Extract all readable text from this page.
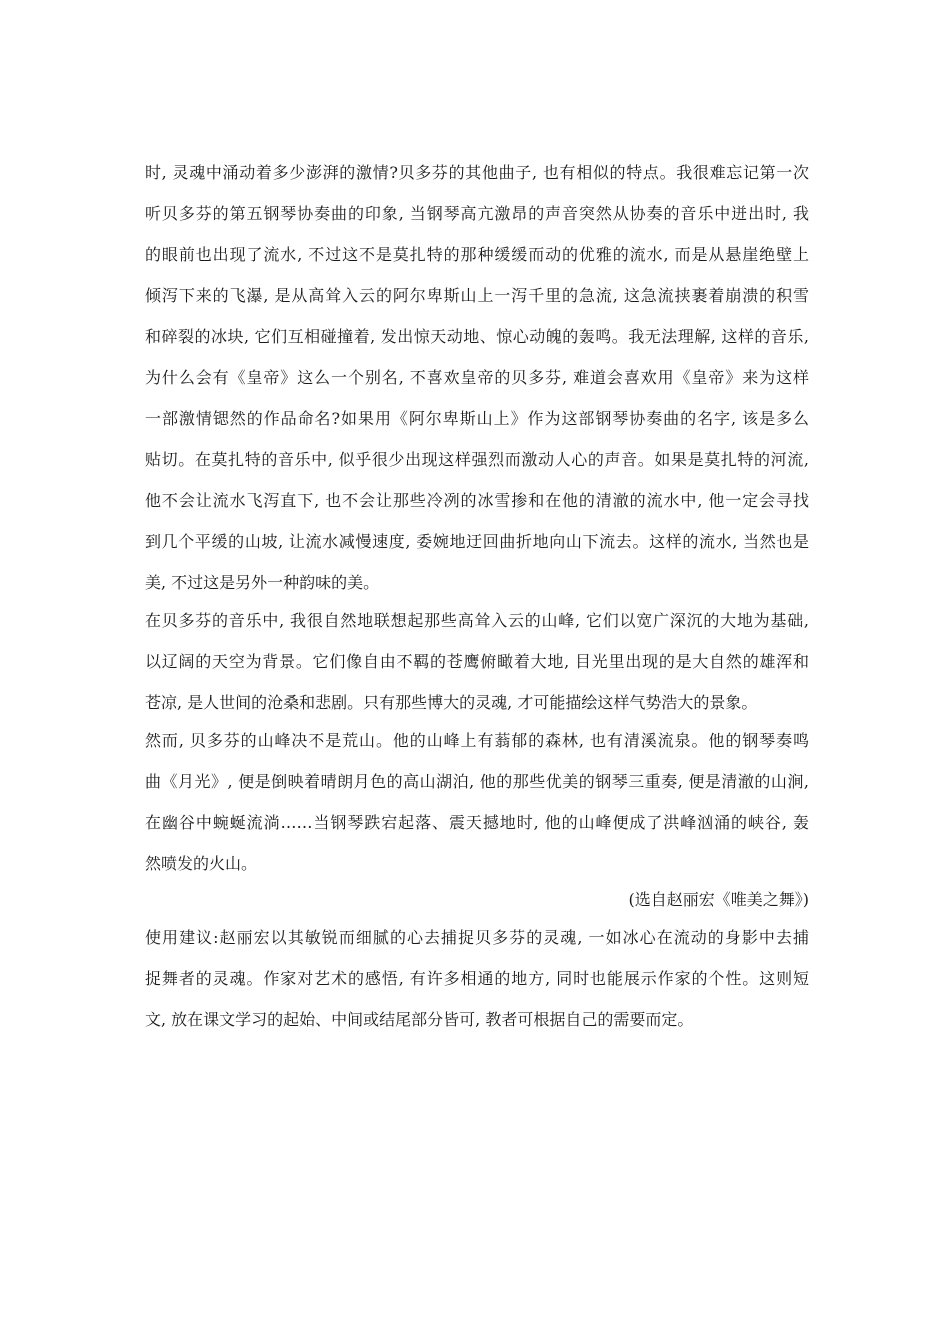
时, 灵魂中涌动着多少澎湃的激情?贝多芬的其他曲子, 也有相似的特点。我很难忘记第一次
听贝多芬的第五钢琴协奏曲的印象, 当钢琴高亢激昂的声音突然从协奏的音乐中迸出时, 我
的眼前也出现了流水, 不过这不是莫扎特的那种缓缓而动的优雅的流水, 而是从悬崖绝壁上
倾泻下来的飞瀑, 是从高耸入云的阿尔卑斯山上一泻千里的急流, 这急流挟裹着崩溃的积雪
和碎裂的冰块, 它们互相碰撞着, 发出惊天动地、惊心动魄的轰鸣。我无法理解, 这样的音乐,
为什么会有《皇帝》这么一个别名, 不喜欢皇帝的贝多芬, 难道会喜欢用《皇帝》来为这样
一部激情锶然的作品命名?如果用《阿尔卑斯山上》作为这部钢琴协奏曲的名字, 该是多么
贴切。在莫扎特的音乐中, 似乎很少出现这样强烈而激动人心的声音。如果是莫扎特的河流,
他不会让流水飞泻直下, 也不会让那些冷冽的冰雪掺和在他的清澈的流水中, 他一定会寻找
到几个平缓的山坡, 让流水减慢速度, 委婉地迂回曲折地向山下流去。这样的流水, 当然也是
美, 不过这是另外一种韵味的美。
在贝多芬的音乐中, 我很自然地联想起那些高耸入云的山峰, 它们以宽广深沉的大地为基础,
以辽阔的天空为背景。它们像自由不羁的苍鹰俯瞰着大地, 目光里出现的是大自然的雄浑和
苍凉, 是人世间的沧桑和悲剧。只有那些博大的灵魂, 才可能描绘这样气势浩大的景象。
然而, 贝多芬的山峰决不是荒山。他的山峰上有蓊郁的森林, 也有清溪流泉。他的钢琴奏鸣
曲《月光》, 便是倒映着晴朗月色的高山湖泊, 他的那些优美的钢琴三重奏, 便是清澈的山涧,
在幽谷中蜿蜒流淌……当钢琴跌宕起落、震天撼地时, 他的山峰便成了洪峰汹涌的峡谷, 轰
然喷发的火山。
(选自赵丽宏《唯美之舞》)
使用建议:赵丽宏以其敏锐而细腻的心去捕捉贝多芬的灵魂, 一如冰心在流动的身影中去捕
捉舞者的灵魂。作家对艺术的感悟, 有许多相通的地方, 同时也能展示作家的个性。这则短
文, 放在课文学习的起始、中间或结尾部分皆可, 教者可根据自己的需要而定。
